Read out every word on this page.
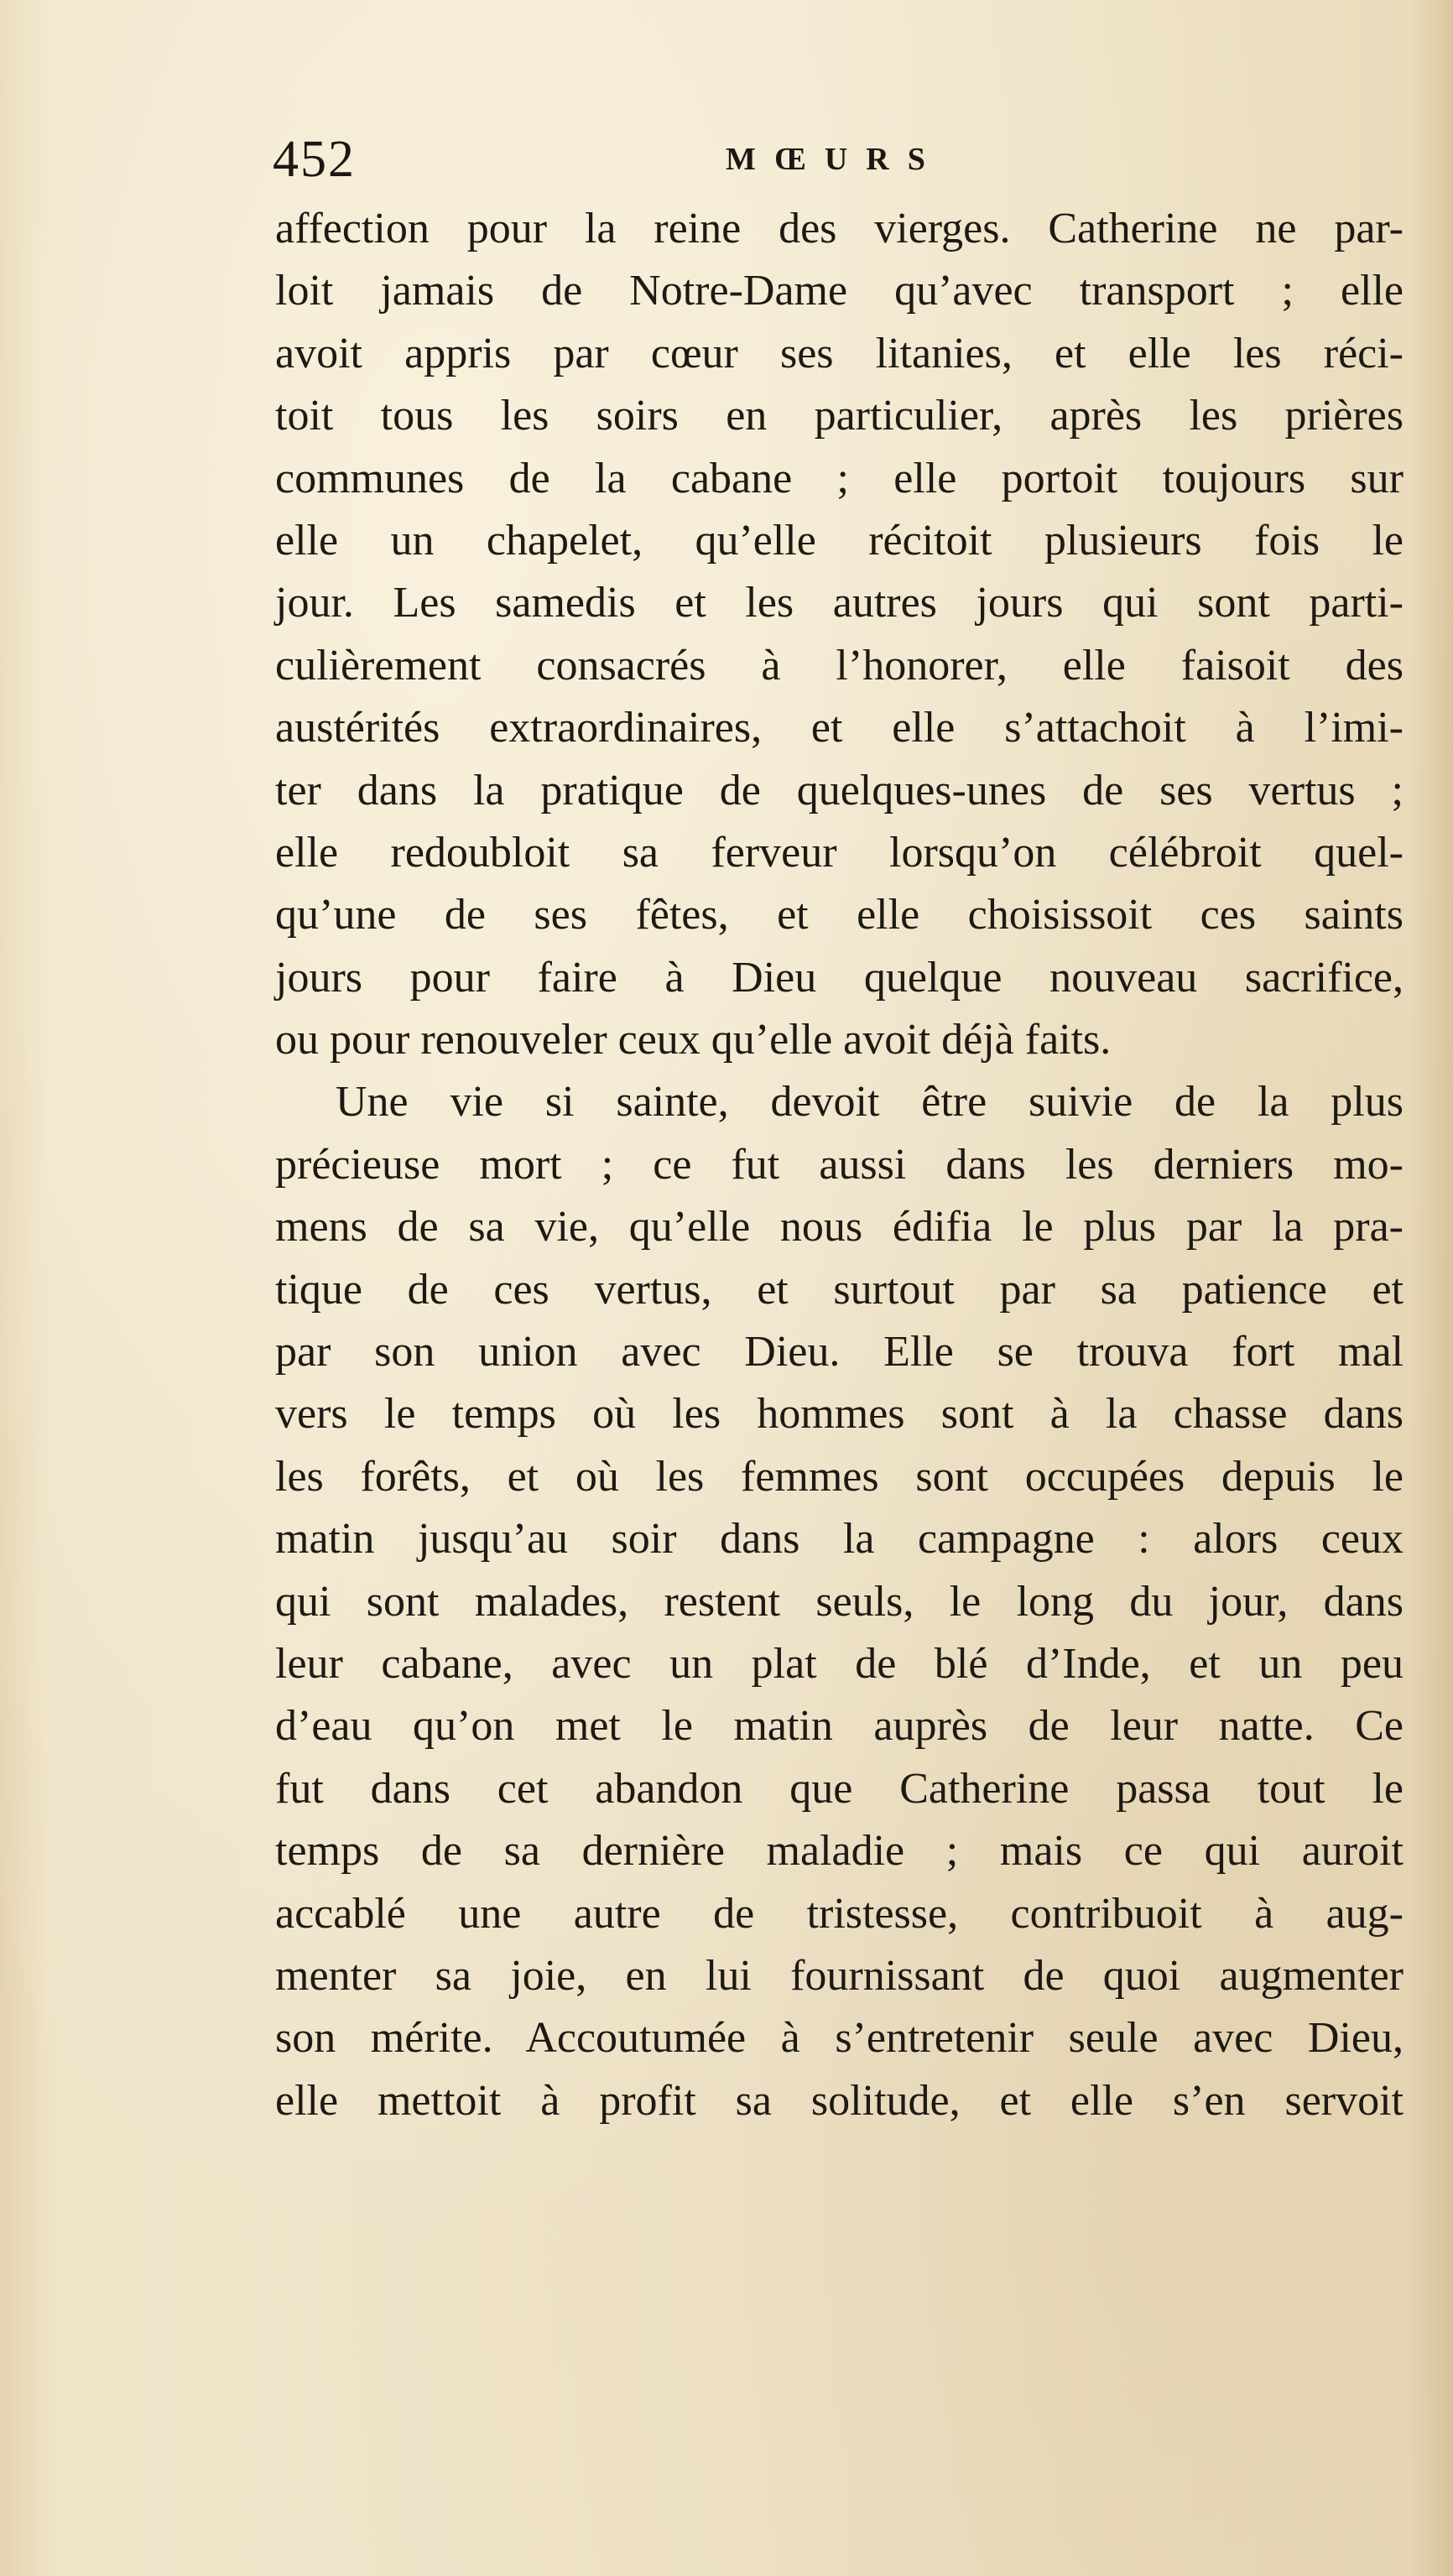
452	MŒURS
affection pour la reine des vierges. Catherine ne par-
loit jamais de Notre-Dame qu’avec transport ; elle
avoit appris par cœur ses litanies, et elle les réci-
toit tous les soirs en particulier, après les prières
communes de la cabane ; elle portoit toujours sur
elle un chapelet, qu’elle récitoit plusieurs fois le
jour. Les samedis et les autres jours qui sont parti-
culièrement consacrés à l’honorer, elle faisoit des
austérités extraordinaires, et elle s’attachoit à l’imi-
ter dans la pratique de quelques-unes de ses vertus ;
elle redoubloit sa ferveur lorsqu’on célébroit quel-
qu’une de ses fêtes, et elle choisissoit ces saints
jours pour faire à Dieu quelque nouveau sacrifice,
ou pour renouveler ceux qu’elle avoit déjà faits.
Une vie si sainte, devoit être suivie de la plus
précieuse mort ; ce fut aussi dans les derniers mo-
mens de sa vie, qu’elle nous édifia le plus par la pra-
tique de ces vertus, et surtout par sa patience et
par son union avec Dieu. Elle se trouva fort mal
vers le temps où les hommes sont à la chasse dans
les forêts, et où les femmes sont occupées depuis le
matin jusqu’au soir dans la campagne : alors ceux
qui sont malades, restent seuls, le long du jour, dans
leur cabane, avec un plat de blé d’Inde, et un peu
d’eau qu’on met le matin auprès de leur natte. Ce
fut dans cet abandon que Catherine passa tout le
temps de sa dernière maladie ; mais ce qui auroit
accablé une autre de tristesse, contribuoit à aug-
menter sa joie, en lui fournissant de quoi augmenter
son mérite. Accoutumée à s’entretenir seule avec Dieu,
elle mettoit à profit sa solitude, et elle s’en servoit
